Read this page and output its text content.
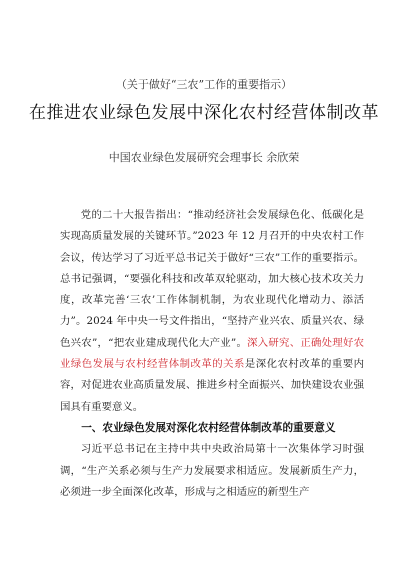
（关于做好“三农”工作的重要指示）
在推进农业绿色发展中深化农村经营体制改革
中国农业绿色发展研究会理事长 余欣荣

党的二十大报告指出：“推动经济社会发展绿色化、低碳化是实现高质量发展的关键环节。”2023 年 12 月召开的中央农村工作会议，传达学习了习近平总书记关于做好“三农”工作的重要指示。总书记强调，“要强化科技和改革双轮驱动，加大核心技术攻关力度，改革完善‘三农’工作体制机制，为农业现代化增动力、添活力”。2024 年中央一号文件指出，“坚持产业兴农、质量兴农、绿色兴农”，“把农业建成现代化大产业”。深入研究、正确处理好农业绿色发展与农村经营体制改革的关系是深化农村改革的重要内容，对促进农业高质量发展、推进乡村全面振兴、加快建设农业强国具有重要意义。

一、农业绿色发展对深化农村经营体制改革的重要意义

习近平总书记在主持中共中央政治局第十一次集体学习时强调，“生产关系必须与生产力发展要求相适应。发展新质生产力，必须进一步全面深化改革，形成与之相适应的新型生产
